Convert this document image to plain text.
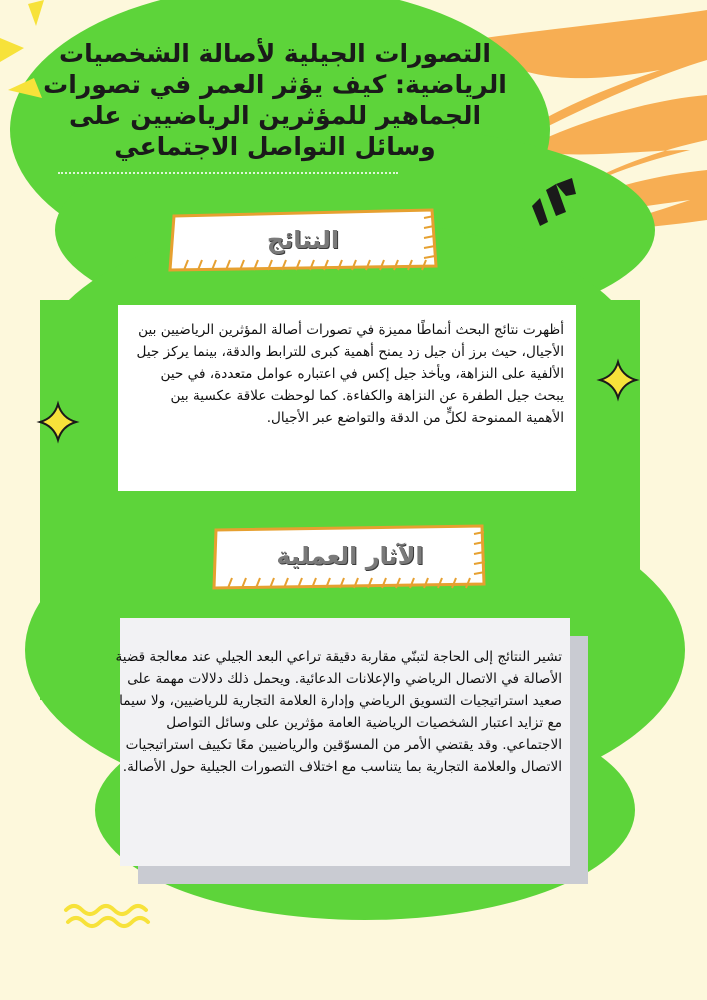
التصورات الجيلية لأصالة الشخصيات الرياضية: كيف يؤثر العمر في تصورات الجماهير للمؤثرين الرياضيين على وسائل التواصل الاجتماعي
النتائج

أظهرت نتائج البحث أنماطًا مميزة في تصورات أصالة المؤثرين الرياضيين بين الأجيال، حيث برز أن جيل زد يمنح أهمية كبرى للترابط والدقة، بينما يركز جيل الألفية على النزاهة، ويأخذ جيل إكس في اعتباره عوامل متعددة، في حين يبحث جيل الطفرة عن النزاهة والكفاءة. كما لوحظت علاقة عكسية بين الأهمية الممنوحة لكلٍّ من الدقة والتواضع عبر الأجيال.

الآثار العملية

تشير النتائج إلى الحاجة لتبنّي مقاربة دقيقة تراعي البعد الجيلي عند معالجة قضية الأصالة في الاتصال الرياضي والإعلانات الدعائية. ويحمل ذلك دلالات مهمة على صعيد استراتيجيات التسويق الرياضي وإدارة العلامة التجارية للرياضيين، ولا سيما مع تزايد اعتبار الشخصيات الرياضية العامة مؤثرين على وسائل التواصل الاجتماعي. وقد يقتضي الأمر من المسوّقين والرياضيين معًا تكييف استراتيجيات الاتصال والعلامة التجارية بما يتناسب مع اختلاف التصورات الجيلية حول الأصالة.
